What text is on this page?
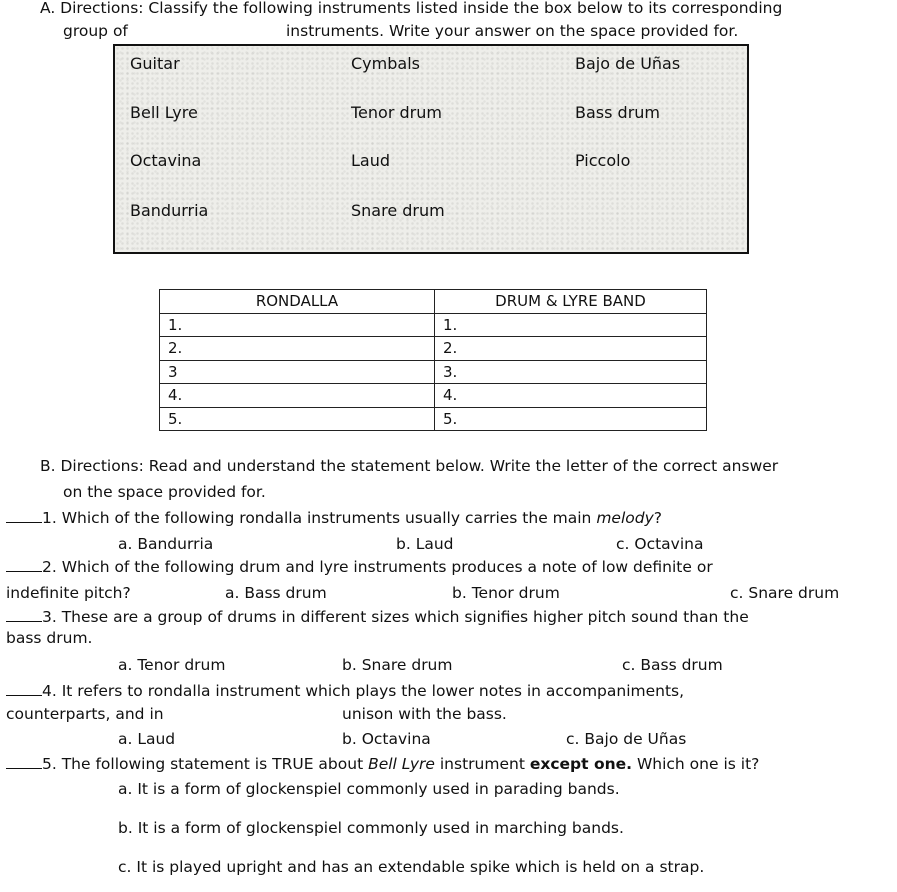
A. Directions: Classify the following instruments listed inside the box below to its corresponding
group of	instruments. Write your answer on the space provided for.
Guitar	Cymbals	Bajo de Uñas
Bell Lyre	Tenor drum	Bass drum
Octavina	Laud	Piccolo
Bandurria	Snare drum
RONDALLA	DRUM & LYRE BAND
1.	1.
2.	2.
3	3.
4.	4.
5.	5.
B. Directions: Read and understand the statement below. Write the letter of the correct answer
on the space provided for.
1. Which of the following rondalla instruments usually carries the main melody?
a. Bandurria	b. Laud	c. Octavina
2. Which of the following drum and lyre instruments produces a note of low definite or
indefinite pitch?	a. Bass drum	b. Tenor drum	c. Snare drum
3. These are a group of drums in different sizes which signifies higher pitch sound than the
bass drum.
a. Tenor drum	b. Snare drum	c. Bass drum
4. It refers to rondalla instrument which plays the lower notes in accompaniments,
counterparts, and in	unison with the bass.
a. Laud	b. Octavina	c. Bajo de Uñas
5. The following statement is TRUE about Bell Lyre instrument except one. Which one is it?
a. It is a form of glockenspiel commonly used in parading bands.
b. It is a form of glockenspiel commonly used in marching bands.
c. It is played upright and has an extendable spike which is held on a strap.
